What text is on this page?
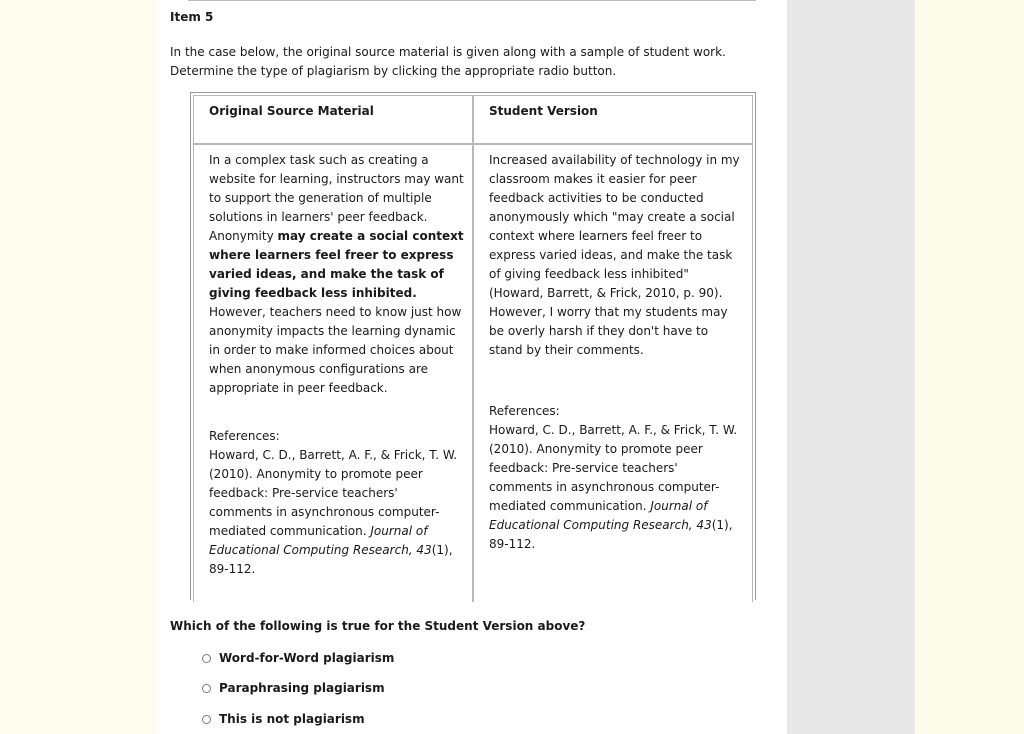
Item 5

In the case below, the original source material is given along with a sample of student work.
Determine the type of plagiarism by clicking the appropriate radio button.

Original Source Material	Student Version

In a complex task such as creating a website for learning, instructors may want to support the generation of multiple solutions in learners' peer feedback. Anonymity may create a social context where learners feel freer to express varied ideas, and make the task of giving feedback less inhibited. However, teachers need to know just how anonymity impacts the learning dynamic in order to make informed choices about when anonymous configurations are appropriate in peer feedback.

References:
Howard, C. D., Barrett, A. F., & Frick, T. W. (2010). Anonymity to promote peer feedback: Pre-service teachers' comments in asynchronous computer-mediated communication. Journal of Educational Computing Research, 43(1), 89-112.

Increased availability of technology in my classroom makes it easier for peer feedback activities to be conducted anonymously which "may create a social context where learners feel freer to express varied ideas, and make the task of giving feedback less inhibited" (Howard, Barrett, & Frick, 2010, p. 90). However, I worry that my students may be overly harsh if they don't have to stand by their comments.

References:
Howard, C. D., Barrett, A. F., & Frick, T. W. (2010). Anonymity to promote peer feedback: Pre-service teachers' comments in asynchronous computer-mediated communication. Journal of Educational Computing Research, 43(1), 89-112.

Which of the following is true for the Student Version above?

Word-for-Word plagiarism
Paraphrasing plagiarism
This is not plagiarism
